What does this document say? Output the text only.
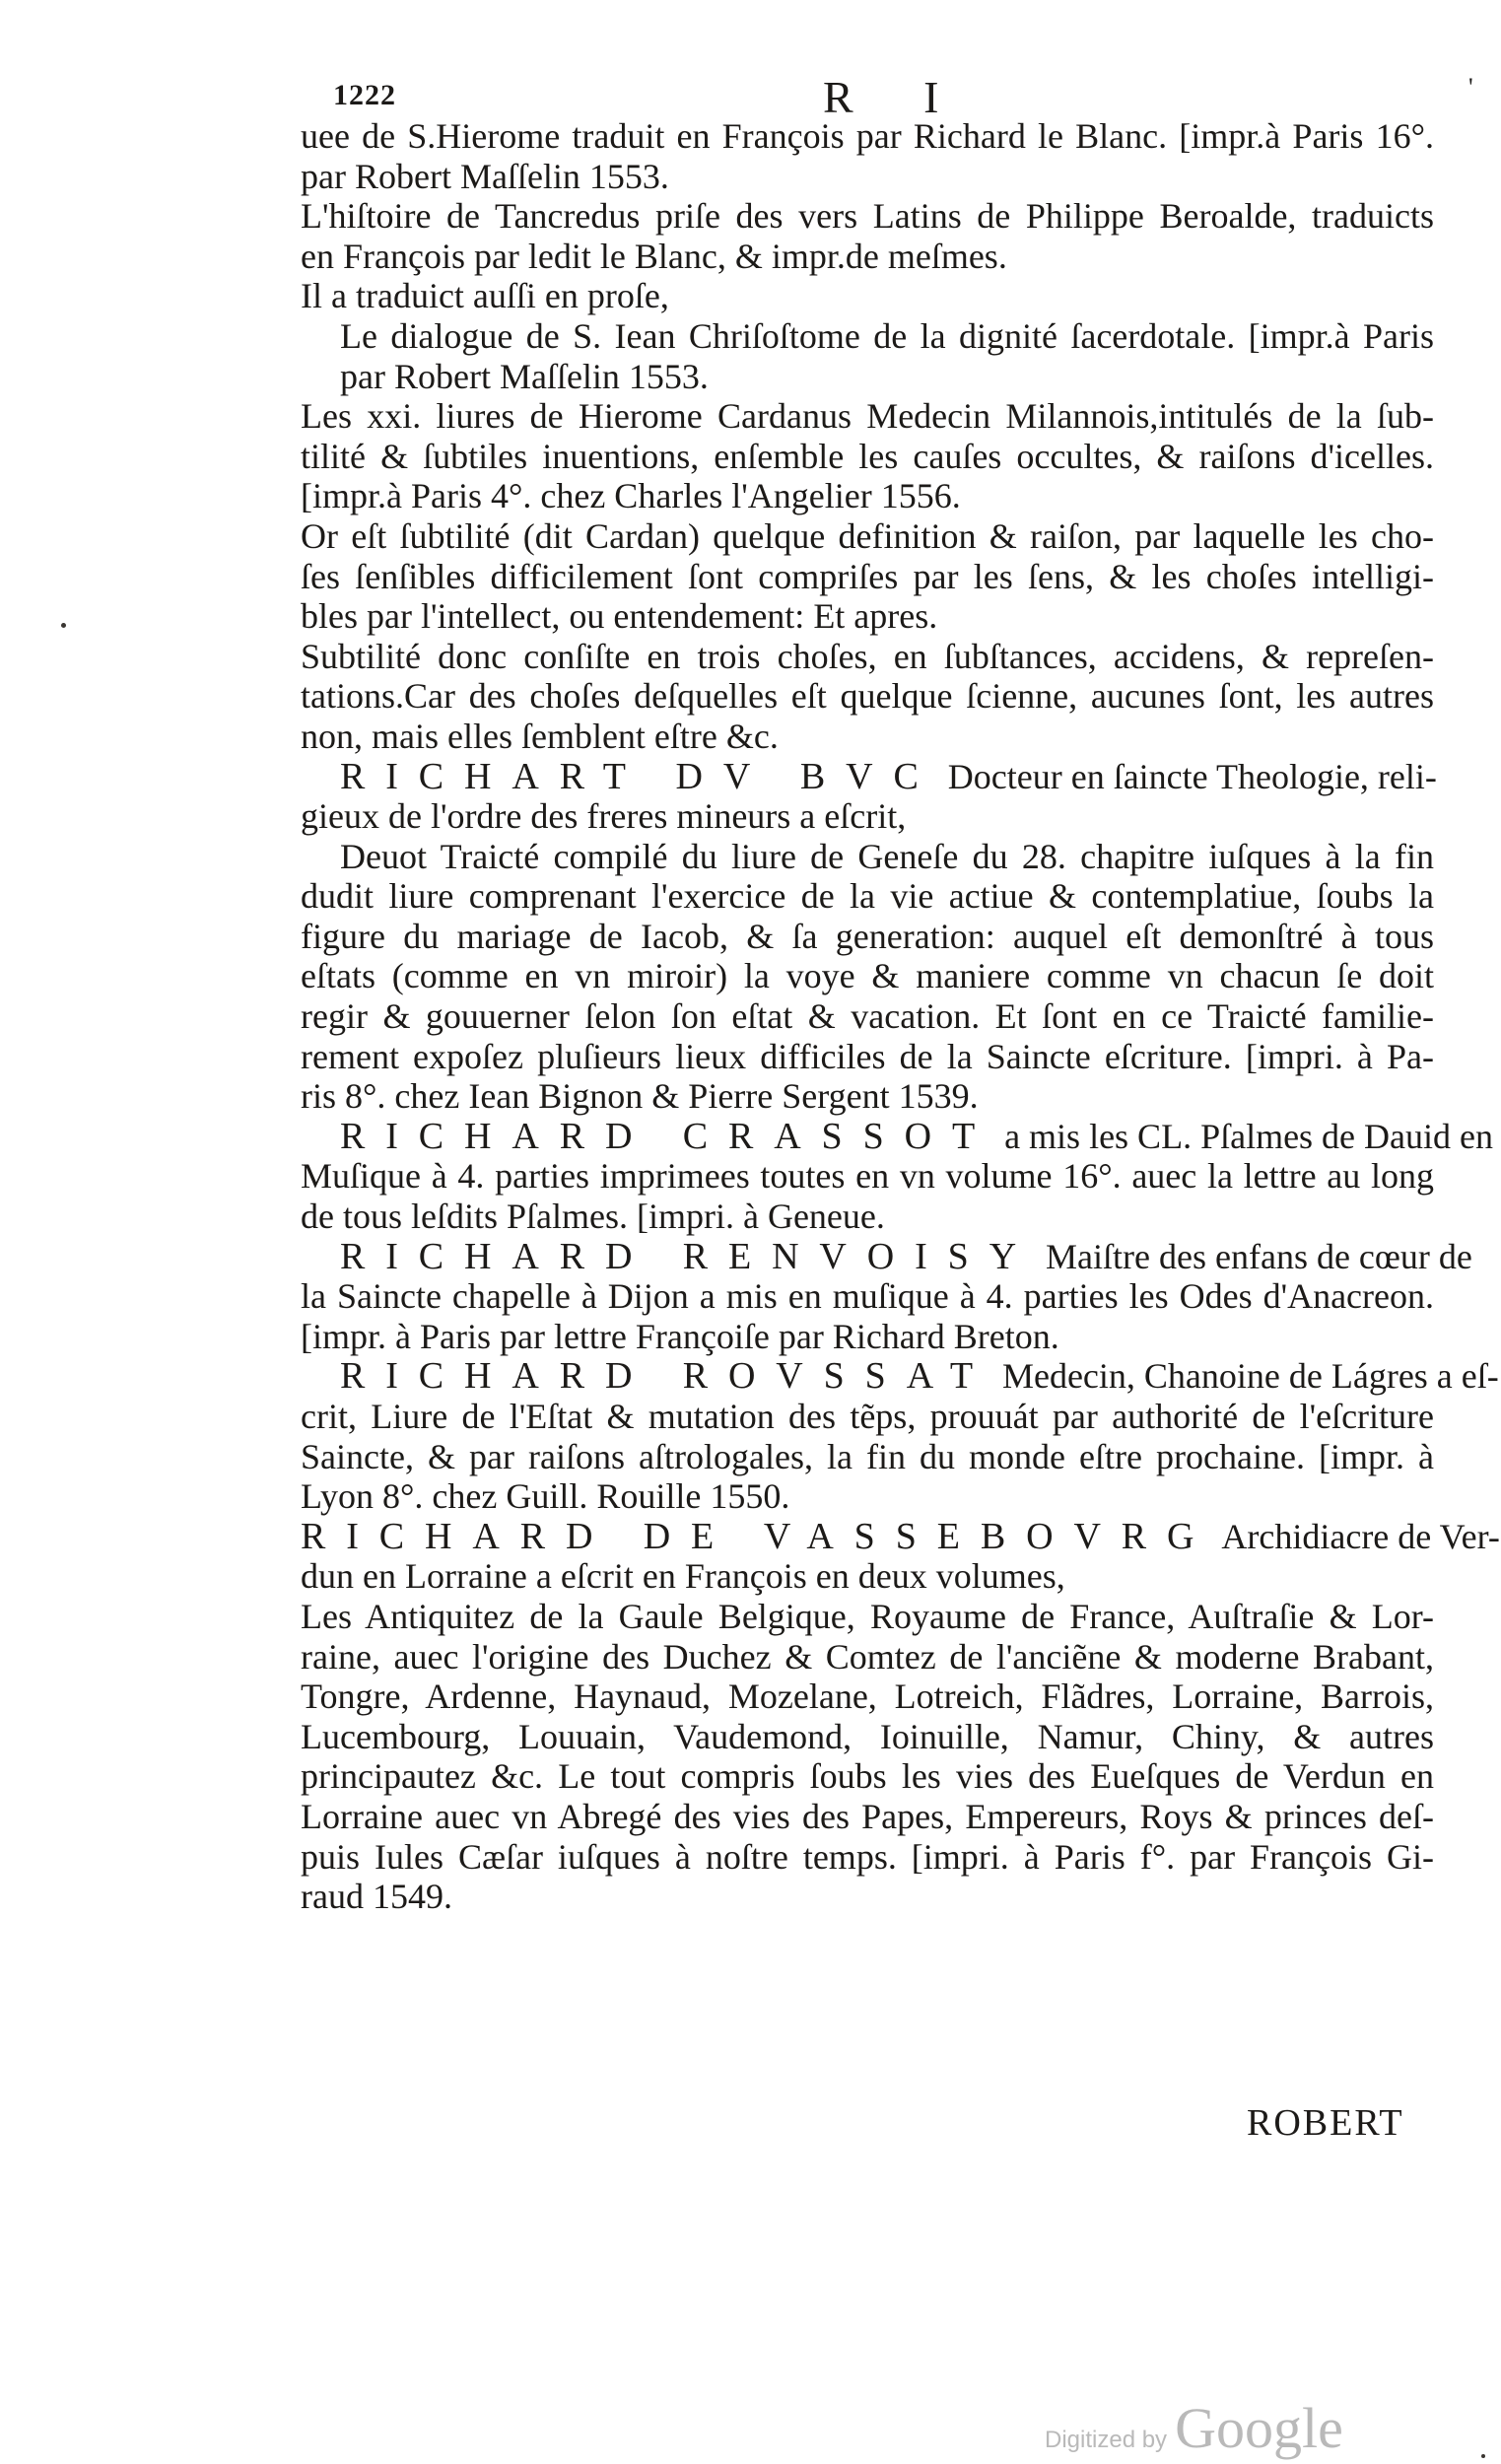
1222	R I	'
uee de S.Hierome traduit en François par Richard le Blanc. [impr.à Paris 16°.
par Robert Maſſelin 1553.
L'hiſtoire de Tancredus priſe des vers Latins de Philippe Beroalde, traduicts
en François par ledit le Blanc, & impr.de meſmes.
Il a traduict auſſi en proſe,
Le dialogue de S. Iean Chriſoſtome de la dignité ſacerdotale. [impr.à Paris
par Robert Maſſelin 1553.
Les xxi. liures de Hierome Cardanus Medecin Milannois,intitulés de la ſub-
tilité & ſubtiles inuentions, enſemble les cauſes occultes, & raiſons d'icelles.
[impr.à Paris 4°. chez Charles l'Angelier 1556.
Or eſt ſubtilité (dit Cardan) quelque definition & raiſon, par laquelle les cho-
ſes ſenſibles difficilement ſont compriſes par les ſens, & les choſes intelligi-
bles par l'intellect, ou entendement: Et apres.
Subtilité donc conſiſte en trois choſes, en ſubſtances, accidens, & repreſen-
tations.Car des choſes deſquelles eſt quelque ſcienne, aucunes ſont, les autres
non, mais elles ſemblent eſtre &c.
RICHART DV BVC Docteur en ſaincte Theologie, reli-
gieux de l'ordre des freres mineurs a eſcrit,
Deuot Traicté compilé du liure de Geneſe du 28. chapitre iuſques à la fin
dudit liure comprenant l'exercice de la vie actiue & contemplatiue, ſoubs la
figure du mariage de Iacob, & ſa generation: auquel eſt demonſtré à tous
eſtats (comme en vn miroir) la voye & maniere comme vn chacun ſe doit
regir & gouuerner ſelon ſon eſtat & vacation. Et ſont en ce Traicté familie-
rement expoſez pluſieurs lieux difficiles de la Saincte eſcriture. [impri. à Pa-
ris 8°. chez Iean Bignon & Pierre Sergent 1539.
RICHARD CRASSOT a mis les CL. Pſalmes de Dauid en
Muſique à 4. parties imprimees toutes en vn volume 16°. auec la lettre au long
de tous leſdits Pſalmes. [impri. à Geneue.
RICHARD RENVOISY Maiſtre des enfans de cœur de
la Saincte chapelle à Dijon a mis en muſique à 4. parties les Odes d'Anacreon.
[impr. à Paris par lettre Françoiſe par Richard Breton.
RICHARD ROVSSAT Medecin, Chanoine de Lágres a eſ-
crit, Liure de l'Eſtat & mutation des tẽps, prouuát par authorité de l'eſcriture
Saincte, & par raiſons aſtrologales, la fin du monde eſtre prochaine. [impr. à
Lyon 8°. chez Guill. Rouille 1550.
RICHARD DE VASSEBOVRG Archidiacre de Ver-
dun en Lorraine a eſcrit en François en deux volumes,
Les Antiquitez de la Gaule Belgique, Royaume de France, Auſtraſie & Lor-
raine, auec l'origine des Duchez & Comtez de l'anciẽne & moderne Brabant,
Tongre, Ardenne, Haynaud, Mozelane, Lotreich, Flãdres, Lorraine, Barrois,
Lucembourg, Louuain, Vaudemond, Ioinuille, Namur, Chiny, & autres
principautez &c. Le tout compris ſoubs les vies des Eueſques de Verdun en
Lorraine auec vn Abregé des vies des Papes, Empereurs, Roys & princes deſ-
puis Iules Cæſar iuſques à noſtre temps. [impri. à Paris f°. par François Gi-
raud 1549.
ROBERT
Digitized by Google
